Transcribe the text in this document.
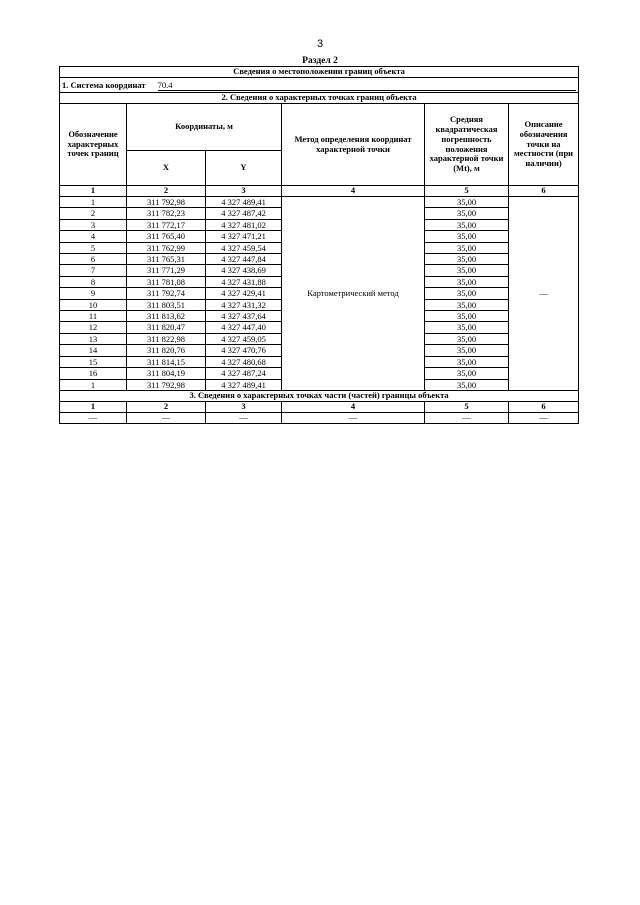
3
Раздел 2
Сведения о местоположении границ объекта					
1. Система координат 70.4					
2. Сведения о характерных точках границ объекта					
Обозначение характерных точек границ	Координаты, м		Метод определения координат характерной точки	Средняя квадратическая погрешность положения характерной точки (Mt), м	Описание обозначения точки на местности (при наличии)
	X	Y			
1	2	3	4	5	6
1	311 792,98	4 327 489,41	Картометрический метод	35,00	—
2	311 782,23	4 327 487,42		35,00	
3	311 772,17	4 327 481,02		35,00	
4	311 765,40	4 327 471,21		35,00	
5	311 762,99	4 327 459,54		35,00	
6	311 765,31	4 327 447,84		35,00	
7	311 771,29	4 327 438,69		35,00	
8	311 781,08	4 327 431,88		35,00	
9	311 792,74	4 327 429,41		35,00	
10	311 803,51	4 327 431,32		35,00	
11	311 813,62	4 327 437,64		35,00	
12	311 820,47	4 327 447,40		35,00	
13	311 822,98	4 327 459,05		35,00	
14	311 820,76	4 327 470,76		35,00	
15	311 814,15	4 327 480,68		35,00	
16	311 804,19	4 327 487,24		35,00	
1	311 792,98	4 327 489,41		35,00	
3. Сведения о характерных точках части (частей) границы объекта					
1	2	3	4	5	6
—	—	—	—	—	—
